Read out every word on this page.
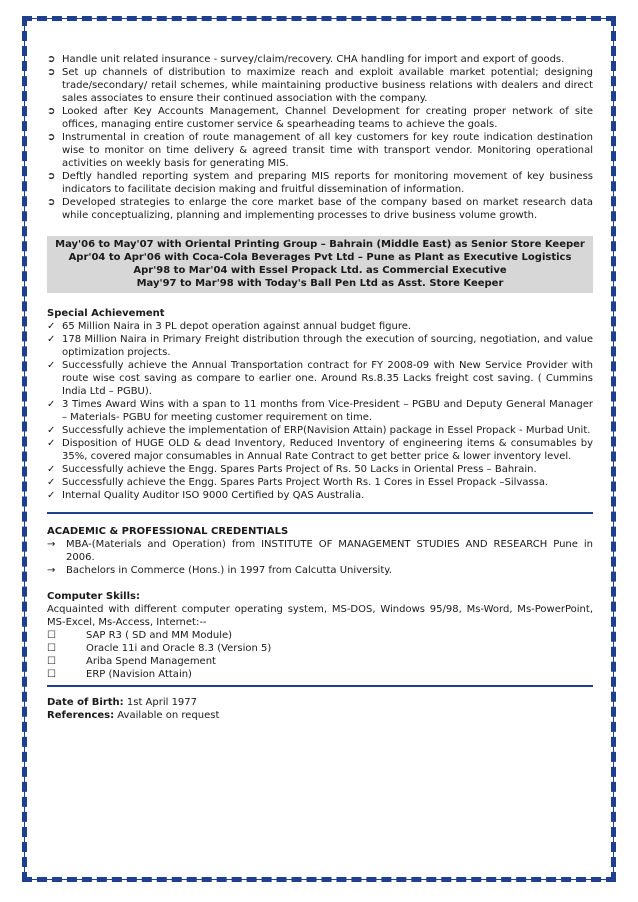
➲ Handle unit related insurance - survey/claim/recovery. CHA handling for import and export of goods.
➲ Set up channels of distribution to maximize reach and exploit available market potential; designing trade/secondary/ retail schemes, while maintaining productive business relations with dealers and direct sales associates to ensure their continued association with the company.
➲ Looked after Key Accounts Management, Channel Development for creating proper network of site offices, managing entire customer service & spearheading teams to achieve the goals.
➲ Instrumental in creation of route management of all key customers for key route indication destination wise to monitor on time delivery & agreed transit time with transport vendor. Monitoring operational activities on weekly basis for generating MIS.
➲ Deftly handled reporting system and preparing MIS reports for monitoring movement of key business indicators to facilitate decision making and fruitful dissemination of information.
➲ Developed strategies to enlarge the core market base of the company based on market research data while conceptualizing, planning and implementing processes to drive business volume growth.
May'06 to May'07 with Oriental Printing Group – Bahrain (Middle East) as Senior Store Keeper
Apr'04 to Apr'06 with Coca-Cola Beverages Pvt Ltd – Pune as Plant as Executive Logistics
Apr'98 to Mar'04 with Essel Propack Ltd. as Commercial Executive
May'97 to Mar'98 with Today's Ball Pen Ltd as Asst. Store Keeper
Special Achievement
✓ 65 Million Naira in 3 PL depot operation against annual budget figure.
✓ 178 Million Naira in Primary Freight distribution through the execution of sourcing, negotiation, and value optimization projects.
✓ Successfully achieve the Annual Transportation contract for FY 2008-09 with New Service Provider with route wise cost saving as compare to earlier one. Around Rs.8.35 Lacks freight cost saving. ( Cummins India Ltd – PGBU).
✓ 3 Times Award Wins with a span to 11 months from Vice-President – PGBU and Deputy General Manager – Materials- PGBU for meeting customer requirement on time.
✓ Successfully achieve the implementation of ERP(Navision Attain) package in Essel Propack - Murbad Unit.
✓ Disposition of HUGE OLD & dead Inventory, Reduced Inventory of engineering items & consumables by 35%, covered major consumables in Annual Rate Contract to get better price & lower inventory level.
✓ Successfully achieve the Engg. Spares Parts Project of Rs. 50 Lacks in Oriental Press – Bahrain.
✓ Successfully achieve the Engg. Spares Parts Project Worth Rs. 1 Cores in Essel Propack –Silvassa.
✓ Internal Quality Auditor ISO 9000 Certified by QAS Australia.
ACADEMIC & PROFESSIONAL CREDENTIALS
→ MBA-(Materials and Operation) from INSTITUTE OF MANAGEMENT STUDIES AND RESEARCH Pune in 2006.
→ Bachelors in Commerce (Hons.) in 1997 from Calcutta University.
Computer Skills:
Acquainted with different computer operating system, MS-DOS, Windows 95/98, Ms-Word, Ms-PowerPoint, MS-Excel, Ms-Access, Internet:--
☐	SAP R3 ( SD and MM Module)
☐	Oracle 11i and Oracle 8.3 (Version 5)
☐	Ariba Spend Management
☐	ERP (Navision Attain)
Date of Birth: 1st April 1977
References: Available on request
